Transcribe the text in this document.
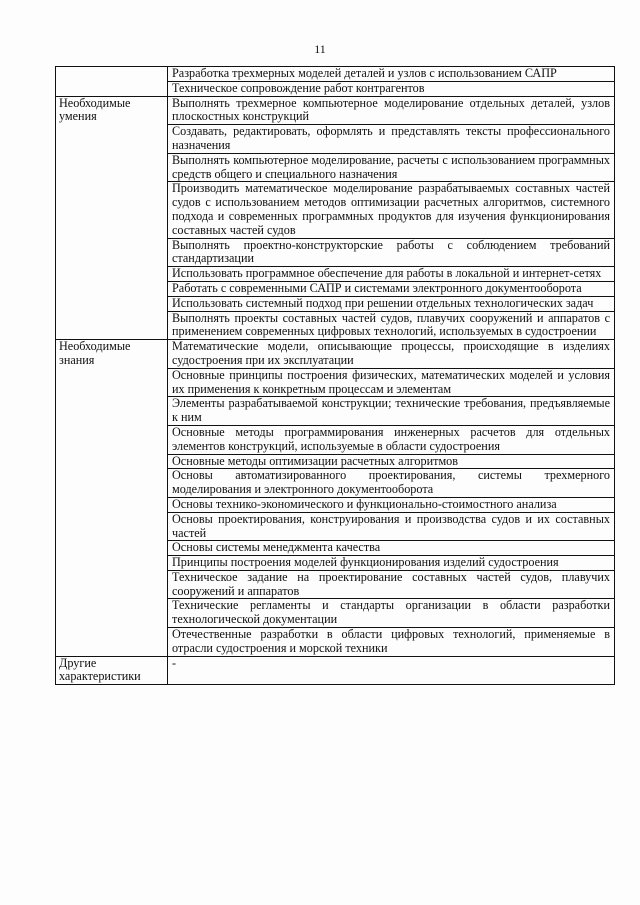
11
	Разработка трехмерных моделей деталей и узлов с использованием САПР
	Техническое сопровождение работ контрагентов
Необходимые умения	Выполнять трехмерное компьютерное моделирование отдельных деталей, узлов плоскостных конструкций
	Создавать, редактировать, оформлять и представлять тексты профессионального назначения
	Выполнять компьютерное моделирование, расчеты с использованием программных средств общего и специального назначения
	Производить математическое моделирование разрабатываемых составных частей судов с использованием методов оптимизации расчетных алгоритмов, системного подхода и современных программных продуктов для изучения функционирования составных частей судов
	Выполнять проектно-конструкторские работы с соблюдением требований стандартизации
	Использовать программное обеспечение для работы в локальной и интернет-сетях
	Работать с современными САПР и системами электронного документооборота
	Использовать системный подход при решении отдельных технологических задач
	Выполнять проекты составных частей судов, плавучих сооружений и аппаратов с применением современных цифровых технологий, используемых в судостроении
Необходимые знания	Математические модели, описывающие процессы, происходящие в изделиях судостроения при их эксплуатации
	Основные принципы построения физических, математических моделей и условия их применения к конкретным процессам и элементам
	Элементы разрабатываемой конструкции; технические требования, предъявляемые к ним
	Основные методы программирования инженерных расчетов для отдельных элементов конструкций, используемые в области судостроения
	Основные методы оптимизации расчетных алгоритмов
	Основы автоматизированного проектирования, системы трехмерного моделирования и электронного документооборота
	Основы технико-экономического и функционально-стоимостного анализа
	Основы проектирования, конструирования и производства судов и их составных частей
	Основы системы менеджмента качества
	Принципы построения моделей функционирования изделий судостроения
	Техническое задание на проектирование составных частей судов, плавучих сооружений и аппаратов
	Технические регламенты и стандарты организации в области разработки технологической документации
	Отечественные разработки в области цифровых технологий, применяемые в отрасли судостроения и морской техники
Другие характеристики	-
